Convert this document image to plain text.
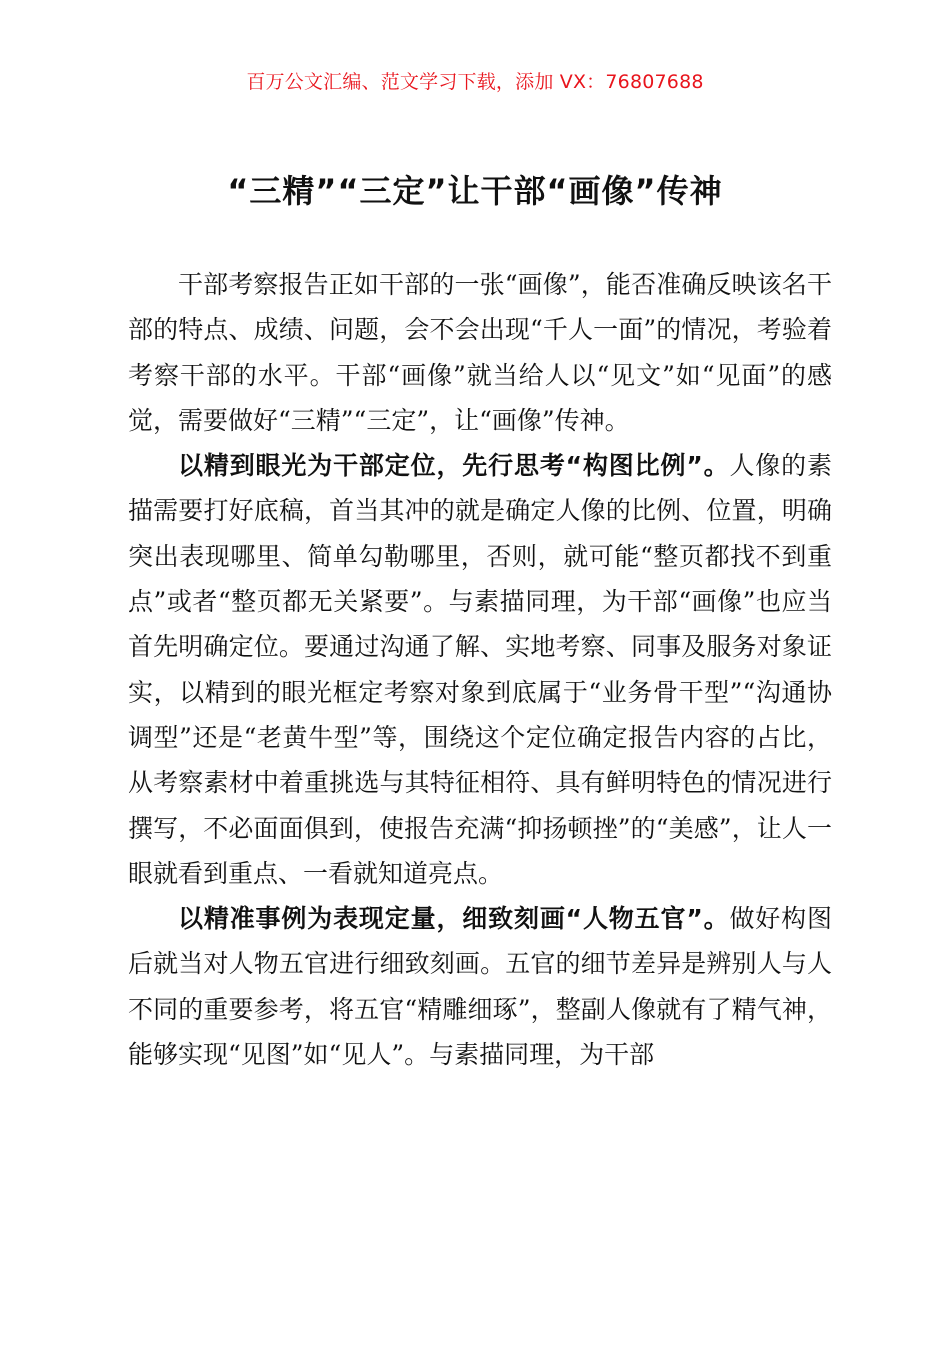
百万公文汇编、范文学习下载，添加 VX：76807688
“三精”“三定”让干部“画像”传神

干部考察报告正如干部的一张“画像”，能否准确反映该名干部的特点、成绩、问题，会不会出现“千人一面”的情况，考验着考察干部的水平。干部“画像”就当给人以“见文”如“见面”的感觉，需要做好“三精”“三定”，让“画像”传神。

以精到眼光为干部定位，先行思考“构图比例”。人像的素描需要打好底稿，首当其冲的就是确定人像的比例、位置，明确突出表现哪里、简单勾勒哪里，否则，就可能“整页都找不到重点”或者“整页都无关紧要”。与素描同理，为干部“画像”也应当首先明确定位。要通过沟通了解、实地考察、同事及服务对象证实，以精到的眼光框定考察对象到底属于“业务骨干型”“沟通协调型”还是“老黄牛型”等，围绕这个定位确定报告内容的占比，从考察素材中着重挑选与其特征相符、具有鲜明特色的情况进行撰写，不必面面俱到，使报告充满“抑扬顿挫”的“美感”，让人一眼就看到重点、一看就知道亮点。

以精准事例为表现定量，细致刻画“人物五官”。做好构图后就当对人物五官进行细致刻画。五官的细节差异是辨别人与人不同的重要参考，将五官“精雕细琢”，整副人像就有了精气神，能够实现“见图”如“见人”。与素描同理，为干部
